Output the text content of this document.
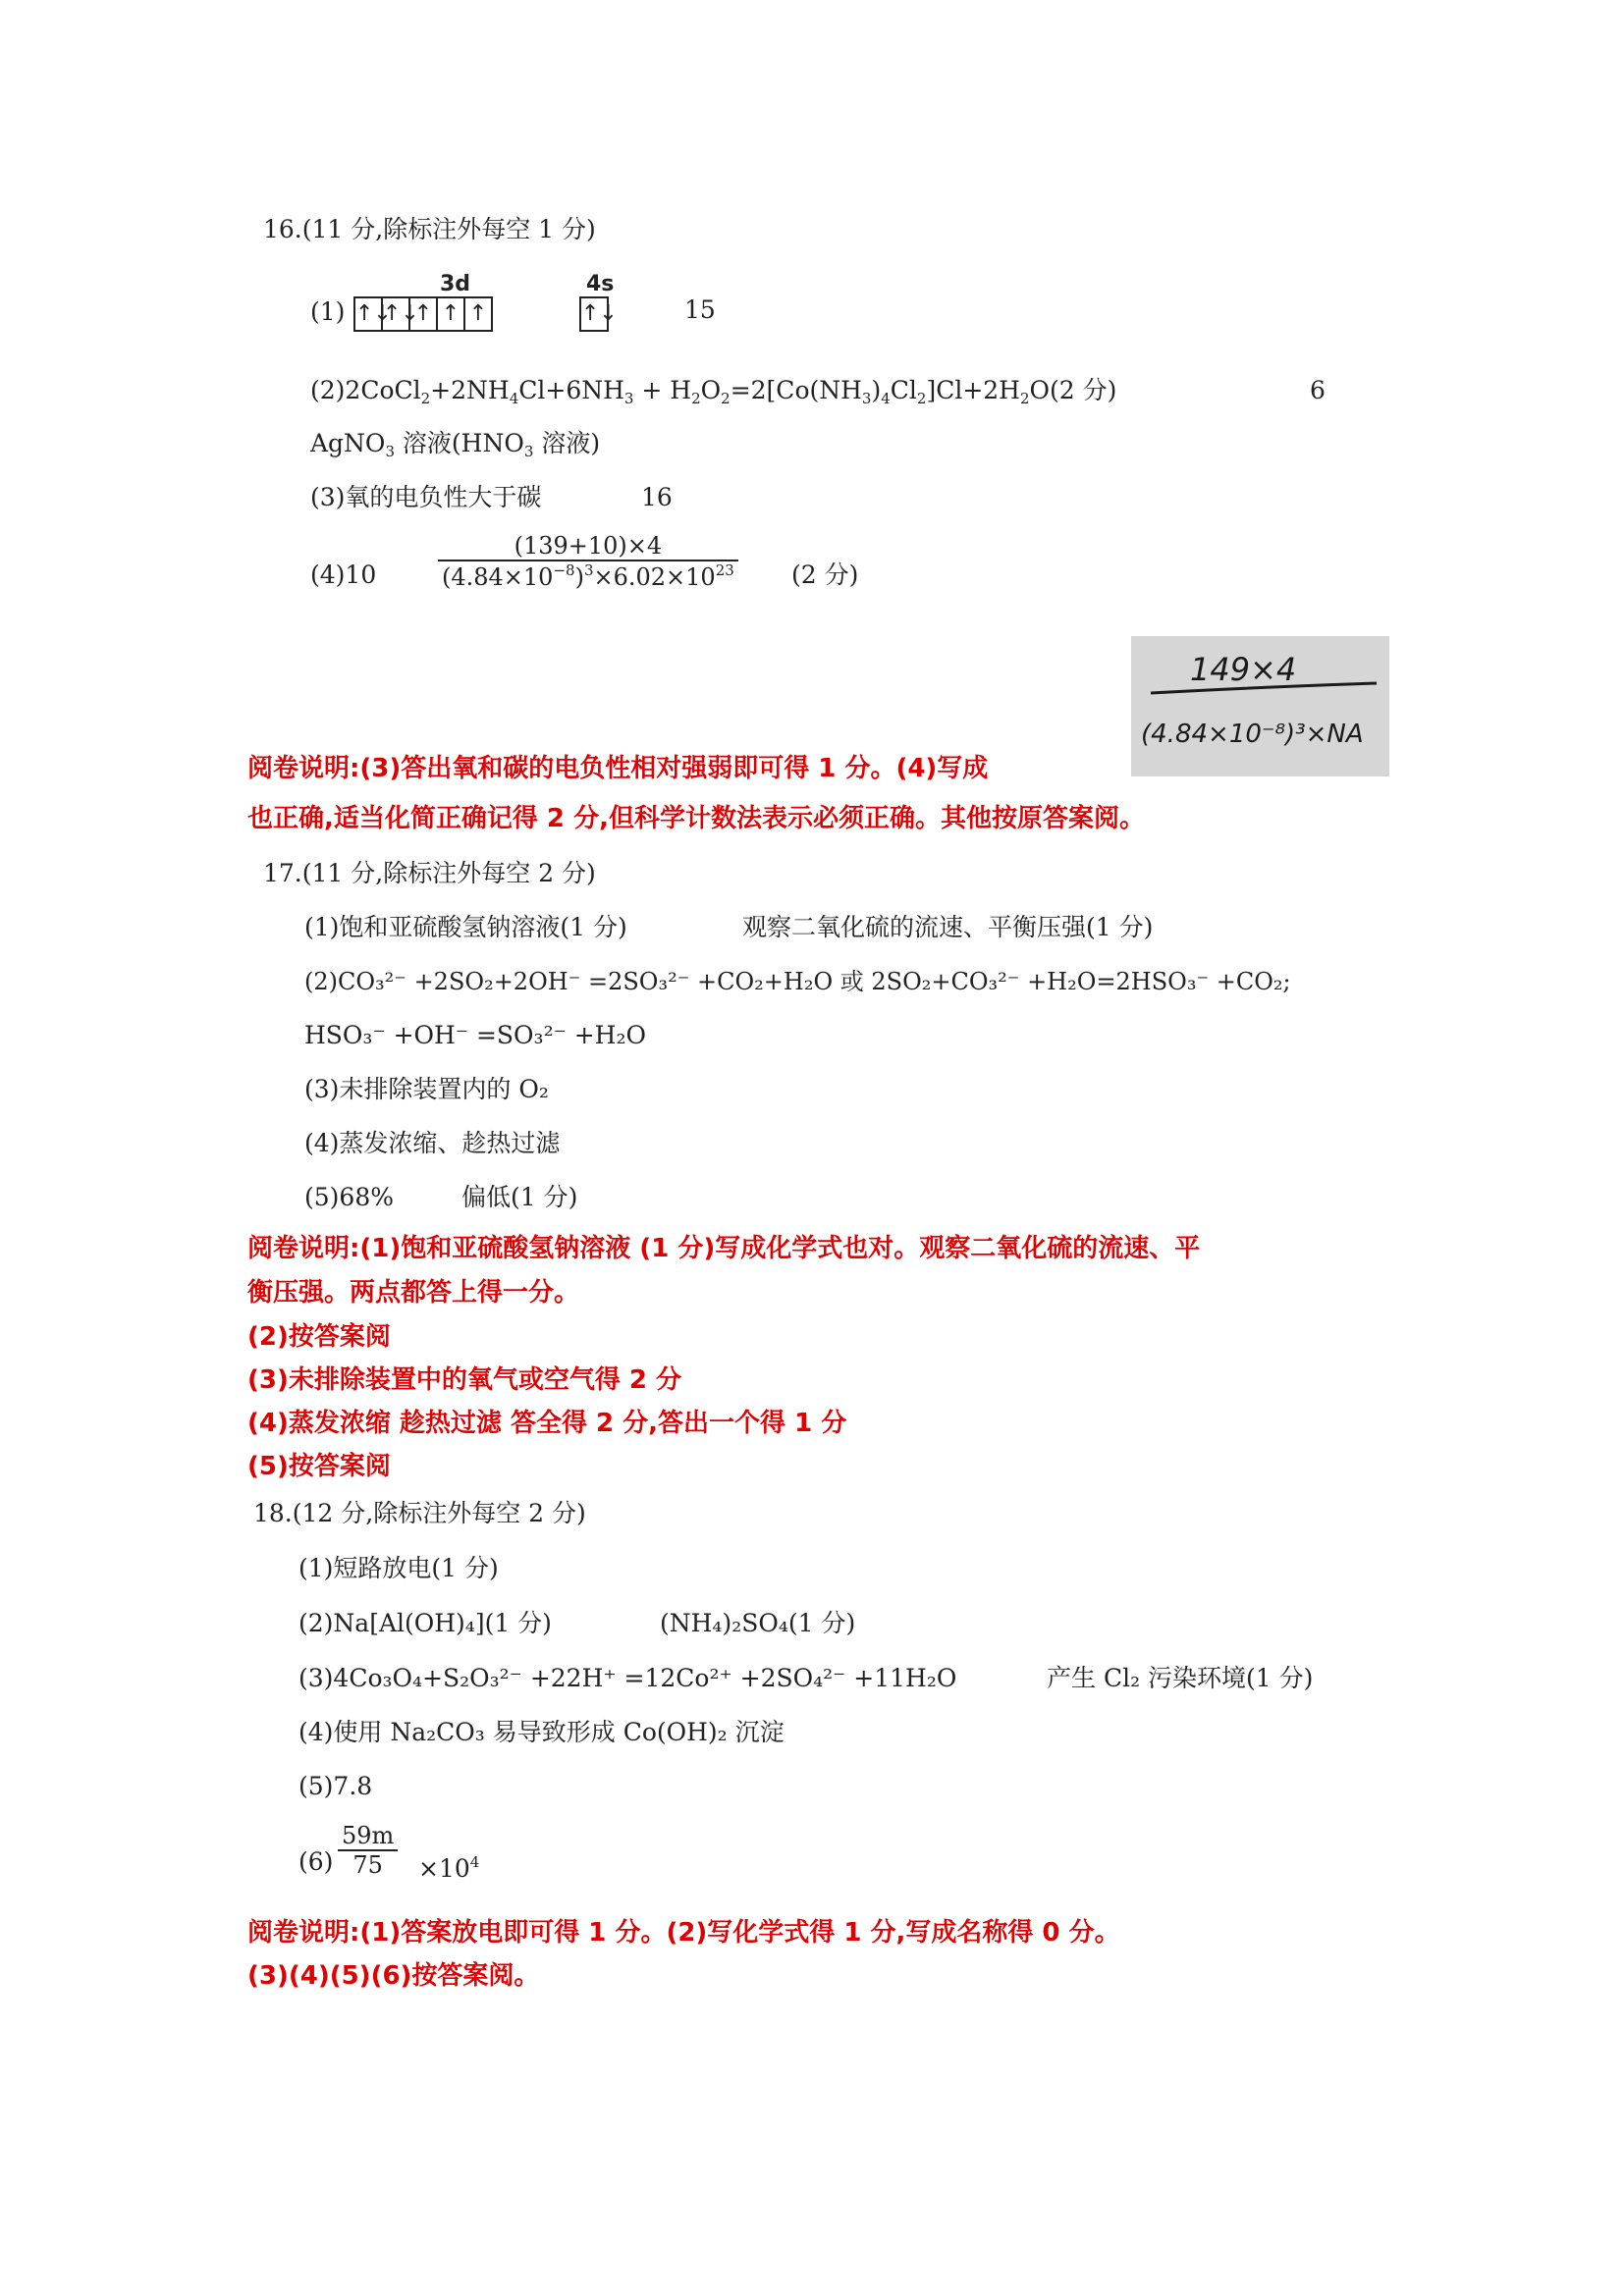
16.(11 分,除标注外每空 1 分)
(1)
3d	4s
↑↓
↑↓
↑ ↑ ↑	↑↓	15
$(2)2CoCl_2+2NH_4Cl+6NH_3 + H_2O_2=2[Co(NH_3)_4Cl_2]Cl+2H_2O(2$ 分)	6
AgNO$_3$ 溶液($HNO_3$ 溶液)
(3)氧的电负性大于碳	16
(4)10	$\frac{(139+10)\times 4}{(4.84\times 10^{-8})^3\times 6.02\times 10^{23}} (2$ 分)
149×4
(4.84×10⁻⁸)³×NA
阅卷说明:(3)答出氧和碳的电负性相对强弱即可得 1 分。(4)写成
也正确,适当化简正确记得 2 分,但科学计数法表示必须正确。其他按原答案阅。
17.(11 分,除标注外每空 2 分)
(1)饱和亚硫酸氢钠溶液(1 分)	观察二氧化硫的流速、平衡压强(1 分)
(2)CO₃²⁻ +2SO₂+2OH⁻ =2SO₃²⁻ +CO₂+H₂O 或 2SO₂+CO₃²⁻ +H₂O=2HSO₃⁻ +CO₂;
HSO₃⁻ +OH⁻ =SO₃²⁻ +H₂O
(3)未排除装置内的 O₂
(4)蒸发浓缩、趁热过滤
(5)68%	偏低(1 分)
阅卷说明:(1)饱和亚硫酸氢钠溶液 (1 分)写成化学式也对。观察二氧化硫的流速、平
衡压强。两点都答上得一分。
(2)按答案阅
(3)未排除装置中的氧气或空气得 2 分
(4)蒸发浓缩 趁热过滤 答全得 2 分,答出一个得 1 分
(5)按答案阅
18.(12 分,除标注外每空 2 分)
(1)短路放电(1 分)
(2)Na[Al(OH)₄](1 分)	(NH₄)₂SO₄(1 分)
(3)4Co₃O₄+S₂O₃²⁻ +22H⁺ =12Co²⁺ +2SO₄²⁻ +11H₂O	产生 Cl₂ 污染环境(1 分)
(4)使用 Na₂CO₃ 易导致形成 Co(OH)₂ 沉淀
(5)7.8
$(6) \frac{59m}{75} \times 10^4$
阅卷说明:(1)答案放电即可得 1 分。(2)写化学式得 1 分,写成名称得 0 分。
(3)(4)(5)(6)按答案阅。
